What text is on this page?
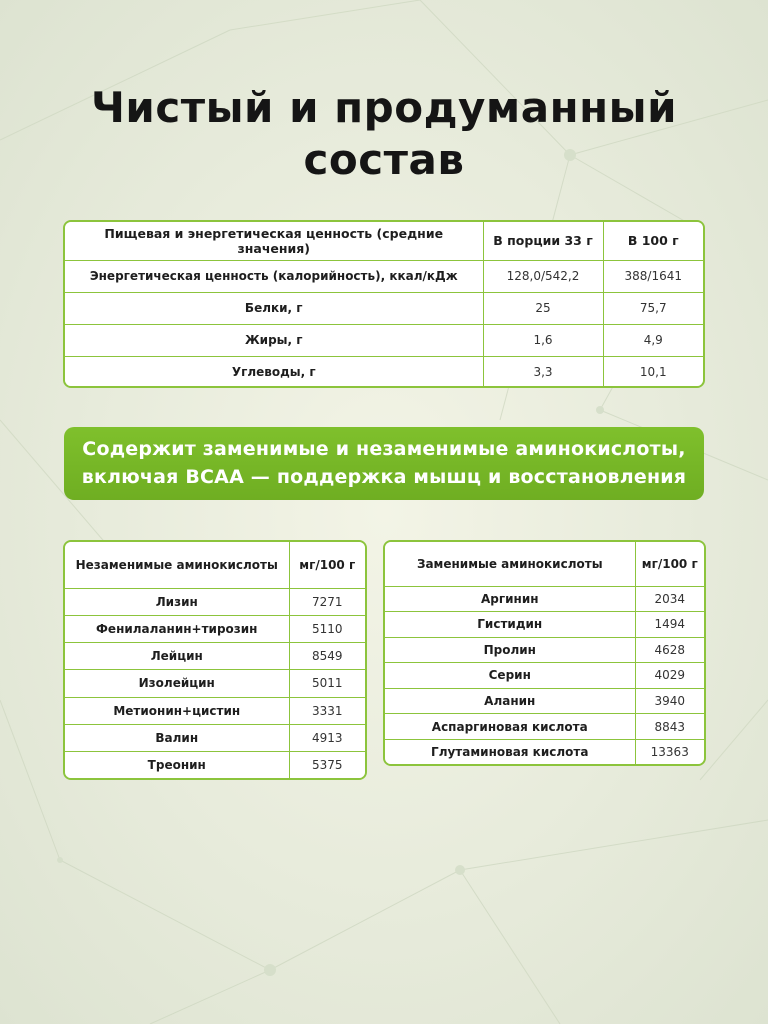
Чистый и продуманный
состав
Пищевая и энергетическая ценность (средние значения)	В порции 33 г	В 100 г
Энергетическая ценность (калорийность), ккал/кДж	128,0/542,2	388/1641
Белки, г	25	75,7
Жиры, г	1,6	4,9
Углеводы, г	3,3	10,1
Содержит заменимые и незаменимые аминокислоты,
включая BCAA — поддержка мышц и восстановления
Незаменимые аминокислоты	мг/100 г
Лизин	7271
Фенилаланин+тирозин	5110
Лейцин	8549
Изолейцин	5011
Метионин+цистин	3331
Валин	4913
Треонин	5375
Заменимые аминокислоты	мг/100 г
Аргинин	2034
Гистидин	1494
Пролин	4628
Серин	4029
Аланин	3940
Аспаргиновая кислота	8843
Глутаминовая кислота	13363
